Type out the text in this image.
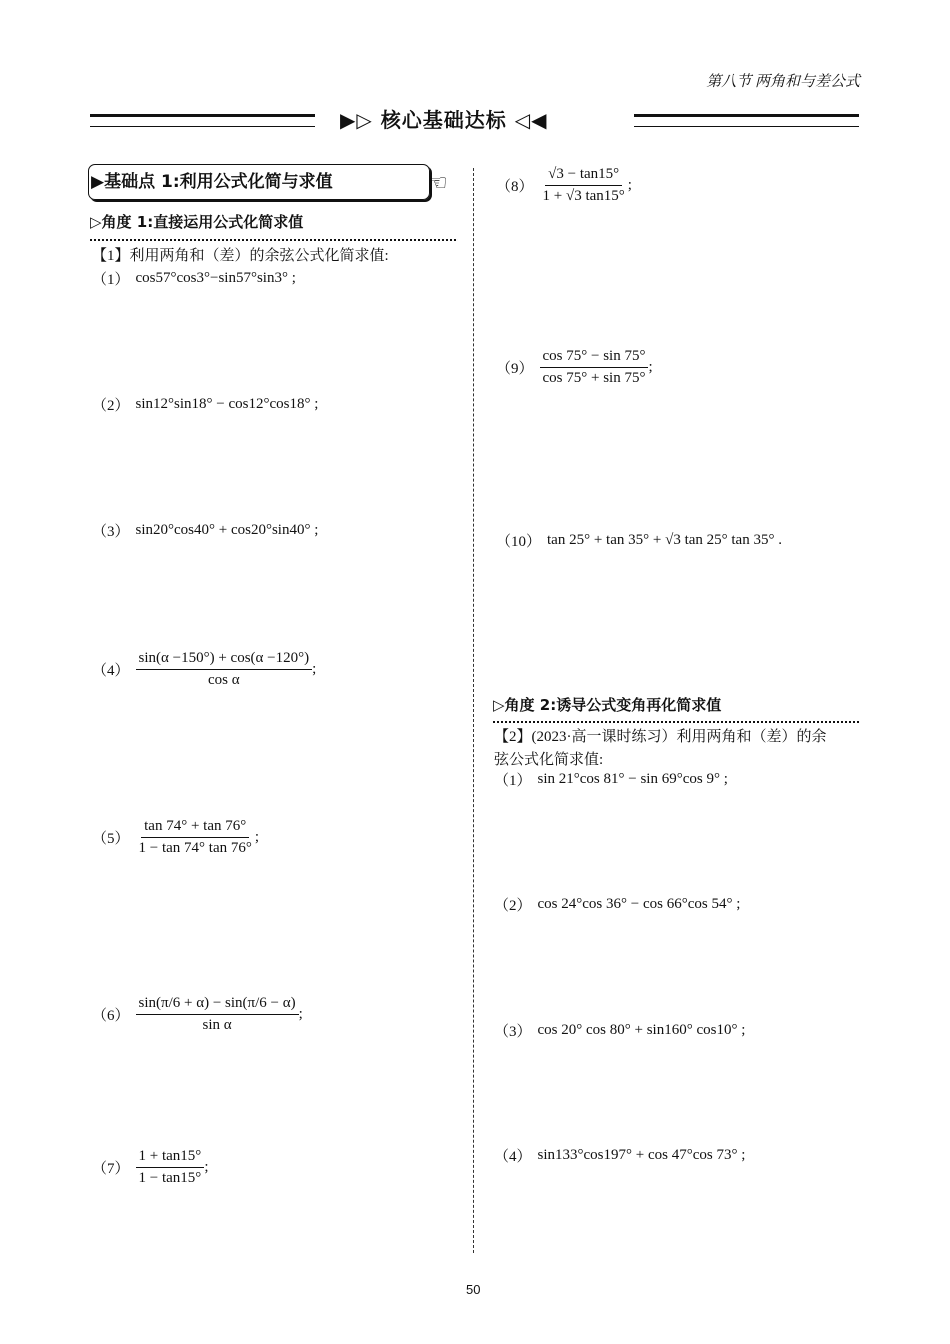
第八节 两角和与差公式
▶▷ 核心基础达标 ◁◀
▶基础点 1:利用公式化简与求值	☜
▷角度 1:直接运用公式化简求值
【1】利用两角和（差）的余弦公式化简求值:
（1） cos57°cos3°−sin57°sin3° ;
（2） sin12°sin18° − cos12°cos18° ;
（3） sin20°cos40° + cos20°sin40° ;
$(4) \frac{\sin(\alpha -150^\circ) + \cos(\alpha -120^\circ)}{\text{cos α}}$ ;
$(5) \frac{\tan 74^\circ + \tan 76^\circ}{1 - \tan 74^\circ \tan 76^\circ}$ ;
$(6) \frac{\sin(\pi/6 + \alpha) - \sin(\pi/6 - \alpha)}{\text{sin α}}$ ;
$(7) \frac{1 + \tan 15^\circ}{1 - \tan 15^\circ}$ ;
$(8) \frac{√3 - \tan 15^\circ}{1 + √3 \tan 15^\circ}$ ;
$(9) \frac{\cos 75^\circ - \sin 75^\circ}{\cos 75^\circ + \sin 75^\circ}$ ;
（10） tan 25° + tan 35° + √3 tan 25° tan 35° .
▷角度 2:诱导公式变角再化简求值
【2】(2023·高一课时练习）利用两角和（差）的余
弦公式化简求值:
（1） sin 21°cos 81° − sin 69°cos 9° ;
（2） cos 24°cos 36° − cos 66°cos 54° ;
（3） cos 20° cos 80° + sin160° cos10° ;
（4） sin133°cos197° + cos 47°cos 73° ;
50
